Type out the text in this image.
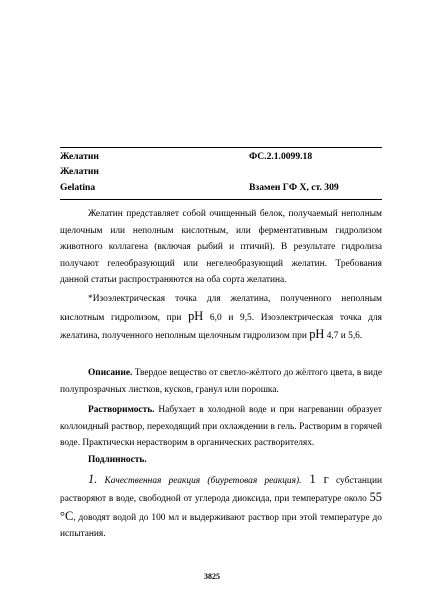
Желатин	ФС.2.1.0099.18
Желатин
Gelatina	Взамен ГФ X, ст. 309

Желатин представляет собой очищенный белок, получаемый неполным щелочным или неполным кислотным, или ферментативным гидролизом животного коллагена (включая рыбий и птичий). В результате гидролиза получают гелеобразующий или негелеобразующий желатин. Требования данной статьи распространяются на оба сорта желатина.

*Изоэлектрическая точка для желатина, полученного неполным кислотным гидролизом, при pH 6,0 и 9,5. Изоэлектрическая точка для желатина, полученного неполным щелочным гидролизом при pH 4,7 и 5,6.

Описание. Твердое вещество от светло-жёлтого до жёлтого цвета, в виде полупрозрачных листков, кусков, гранул или порошка.

Растворимость. Набухает в холодной воде и при нагревании образует коллоидный раствор, переходящий при охлаждении в гель. Растворим в горячей воде. Практически нерастворим в органических растворителях.

Подлинность.

1. Качественная реакция (биуретовая реакция). 1 г субстанции растворяют в воде, свободной от углерода диоксида, при температуре около 55 °С, доводят водой до 100 мл и выдерживают раствор при этой температуре до испытания.

3825
